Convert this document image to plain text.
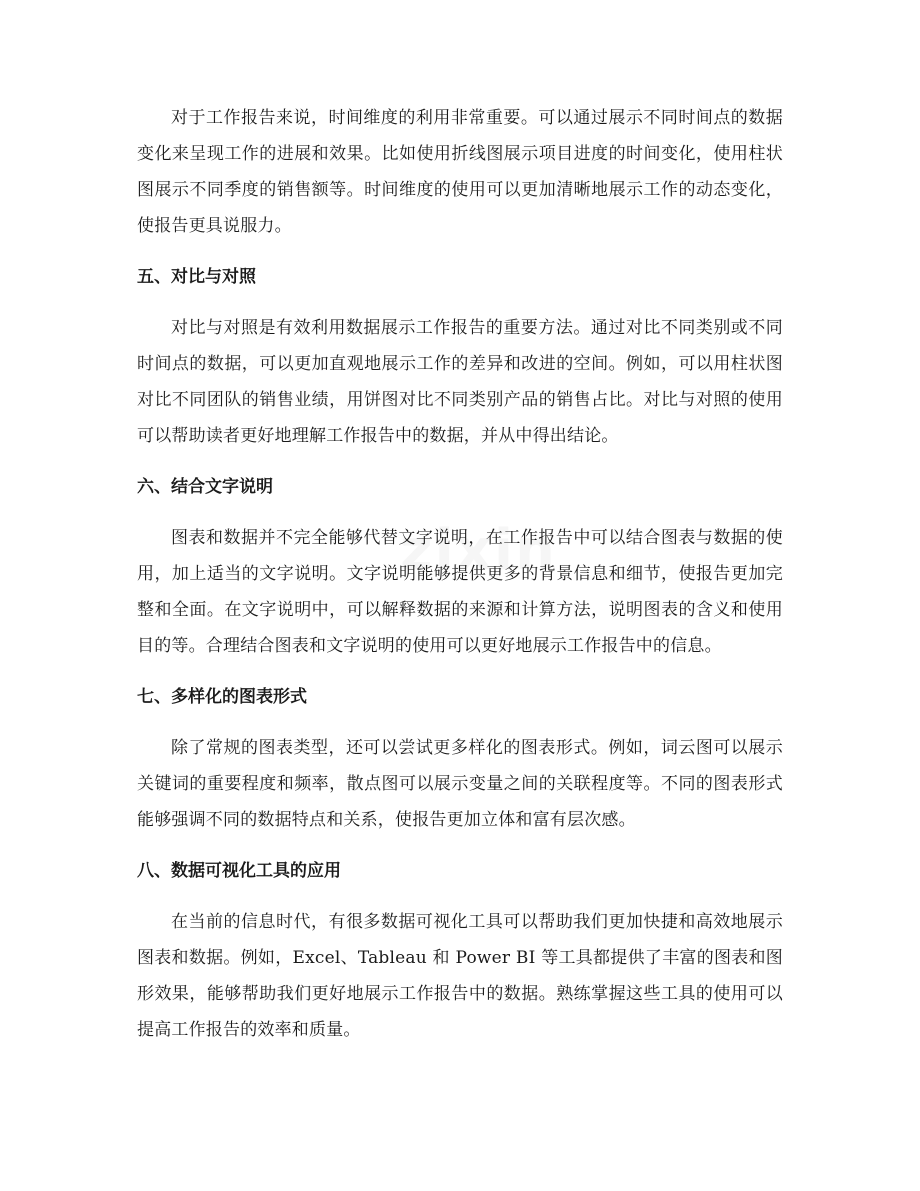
对于工作报告来说，时间维度的利用非常重要。可以通过展示不同时间点的数据变化来呈现工作的进展和效果。比如使用折线图展示项目进度的时间变化，使用柱状图展示不同季度的销售额等。时间维度的使用可以更加清晰地展示工作的动态变化，使报告更具说服力。

五、对比与对照

对比与对照是有效利用数据展示工作报告的重要方法。通过对比不同类别或不同时间点的数据，可以更加直观地展示工作的差异和改进的空间。例如，可以用柱状图对比不同团队的销售业绩，用饼图对比不同类别产品的销售占比。对比与对照的使用可以帮助读者更好地理解工作报告中的数据，并从中得出结论。

六、结合文字说明

图表和数据并不完全能够代替文字说明，在工作报告中可以结合图表与数据的使用，加上适当的文字说明。文字说明能够提供更多的背景信息和细节，使报告更加完整和全面。在文字说明中，可以解释数据的来源和计算方法，说明图表的含义和使用目的等。合理结合图表和文字说明的使用可以更好地展示工作报告中的信息。

七、多样化的图表形式

除了常规的图表类型，还可以尝试更多样化的图表形式。例如，词云图可以展示关键词的重要程度和频率，散点图可以展示变量之间的关联程度等。不同的图表形式能够强调不同的数据特点和关系，使报告更加立体和富有层次感。

八、数据可视化工具的应用

在当前的信息时代，有很多数据可视化工具可以帮助我们更加快捷和高效地展示图表和数据。例如，Excel、Tableau 和 Power BI 等工具都提供了丰富的图表和图形效果，能够帮助我们更好地展示工作报告中的数据。熟练掌握这些工具的使用可以提高工作报告的效率和质量。
